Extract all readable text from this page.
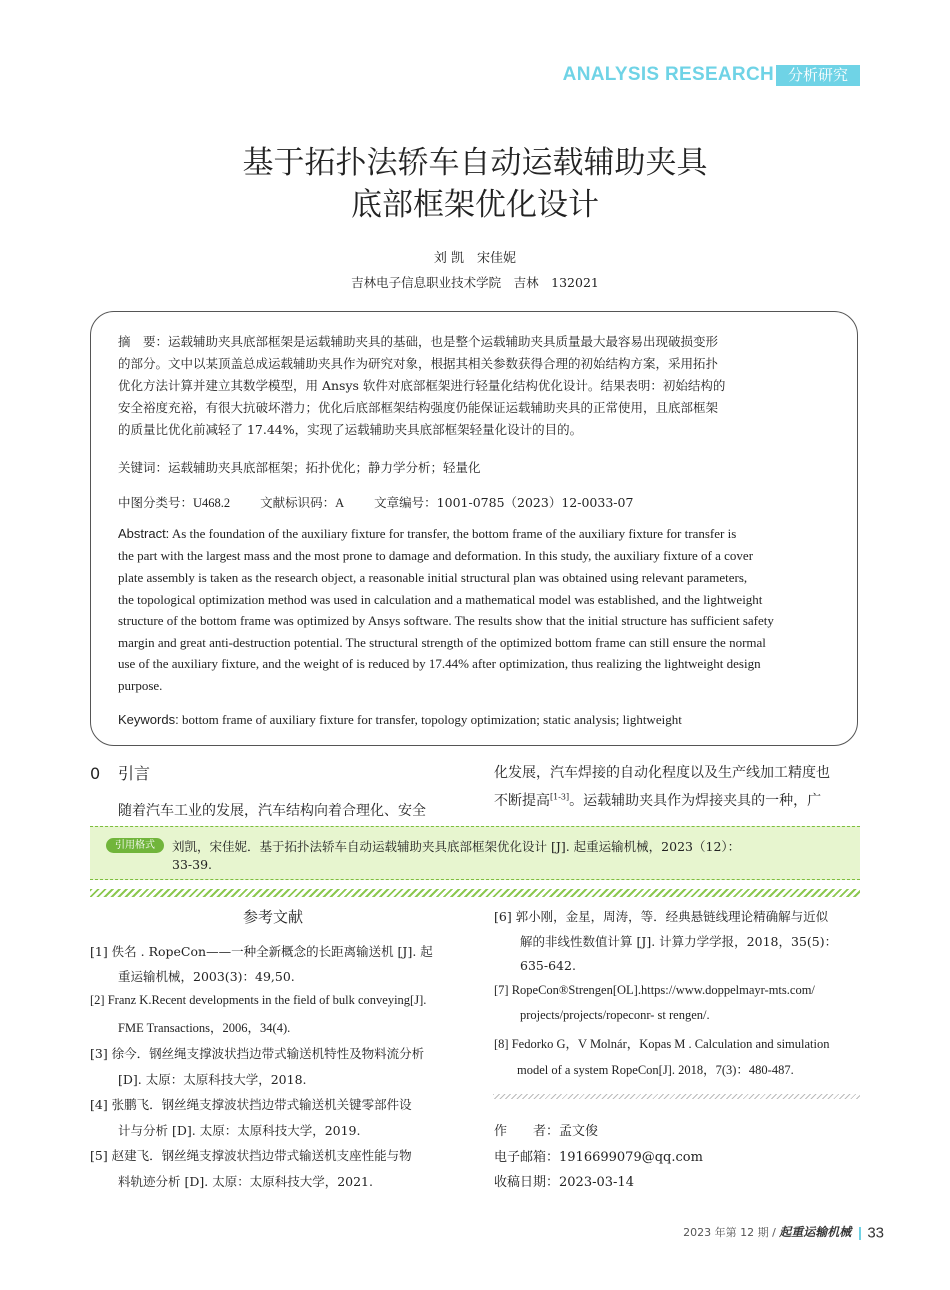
ANALYSIS RESEARCH 分析研究
基于拓扑法轿车自动运载辅助夹具
底部框架优化设计
刘 凯　宋佳妮
吉林电子信息职业技术学院　吉林　132021
摘　要：运载辅助夹具底部框架是运载辅助夹具的基础，也是整个运载辅助夹具质量最大最容易出现破损变形
的部分。文中以某顶盖总成运载辅助夹具作为研究对象，根据其相关参数获得合理的初始结构方案，采用拓扑
优化方法计算并建立其数学模型，用 Ansys 软件对底部框架进行轻量化结构优化设计。结果表明：初始结构的
安全裕度充裕，有很大抗破坏潜力；优化后底部框架结构强度仍能保证运载辅助夹具的正常使用，且底部框架
的质量比优化前减轻了 17.44%，实现了运载辅助夹具底部框架轻量化设计的目的。
关键词：运载辅助夹具底部框架；拓扑优化；静力学分析；轻量化
中图分类号：U468.2 文献标识码：A 文章编号：1001-0785（2023）12-0033-07
Abstract: As the foundation of the auxiliary fixture for transfer, the bottom frame of the auxiliary fixture for transfer is
the part with the largest mass and the most prone to damage and deformation. In this study, the auxiliary fixture of a cover
plate assembly is taken as the research object, a reasonable initial structural plan was obtained using relevant parameters,
the topological optimization method was used in calculation and a mathematical model was established, and the lightweight
structure of the bottom frame was optimized by Ansys software. The results show that the initial structure has sufficient safety
margin and great anti-destruction potential. The structural strength of the optimized bottom frame can still ensure the normal
use of the auxiliary fixture, and the weight of is reduced by 17.44% after optimization, thus realizing the lightweight design
purpose.
Keywords: bottom frame of auxiliary fixture for transfer, topology optimization; static analysis; lightweight
0 引言
随着汽车工业的发展，汽车结构向着合理化、安全
化发展，汽车焊接的自动化程度以及生产线加工精度也
不断提高[1-3]。运载辅助夹具作为焊接夹具的一种，广
引用格式	刘凯，宋佳妮．基于拓扑法轿车自动运载辅助夹具底部框架优化设计 [J]. 起重运输机械，2023（12）：
33-39.
参考文献
[1] 佚名 . RopeCon——一种全新概念的长距离输送机 [J]. 起
重运输机械，2003(3)：49,50.
[2] Franz K.Recent developments in the field of bulk conveying[J].
FME Transactions，2006，34(4).
[3] 徐今．钢丝绳支撑波状挡边带式输送机特性及物料流分析
[D]. 太原：太原科技大学，2018.
[4] 张鹏飞．钢丝绳支撑波状挡边带式输送机关键零部件设
计与分析 [D]. 太原：太原科技大学，2019.
[5] 赵建飞．钢丝绳支撑波状挡边带式输送机支座性能与物
料轨迹分析 [D]. 太原：太原科技大学，2021.
[6] 郭小刚，金星，周涛，等．经典悬链线理论精确解与近似
解的非线性数值计算 [J]. 计算力学学报，2018，35(5)：
635-642.
[7] RopeCon®Strengen[OL].https://www.doppelmayr-mts.com/
projects/projects/ropeconr- st rengen/.
[8] Fedorko G，V Molnár，Kopas M . Calculation and simulation
model of a system RopeCon[J]. 2018，7(3)：480-487.
作　　者：孟文俊
电子邮箱：1916699079@qq.com
收稿日期：2023-03-14
2023 年第 12 期 / 起重运输机械 33
